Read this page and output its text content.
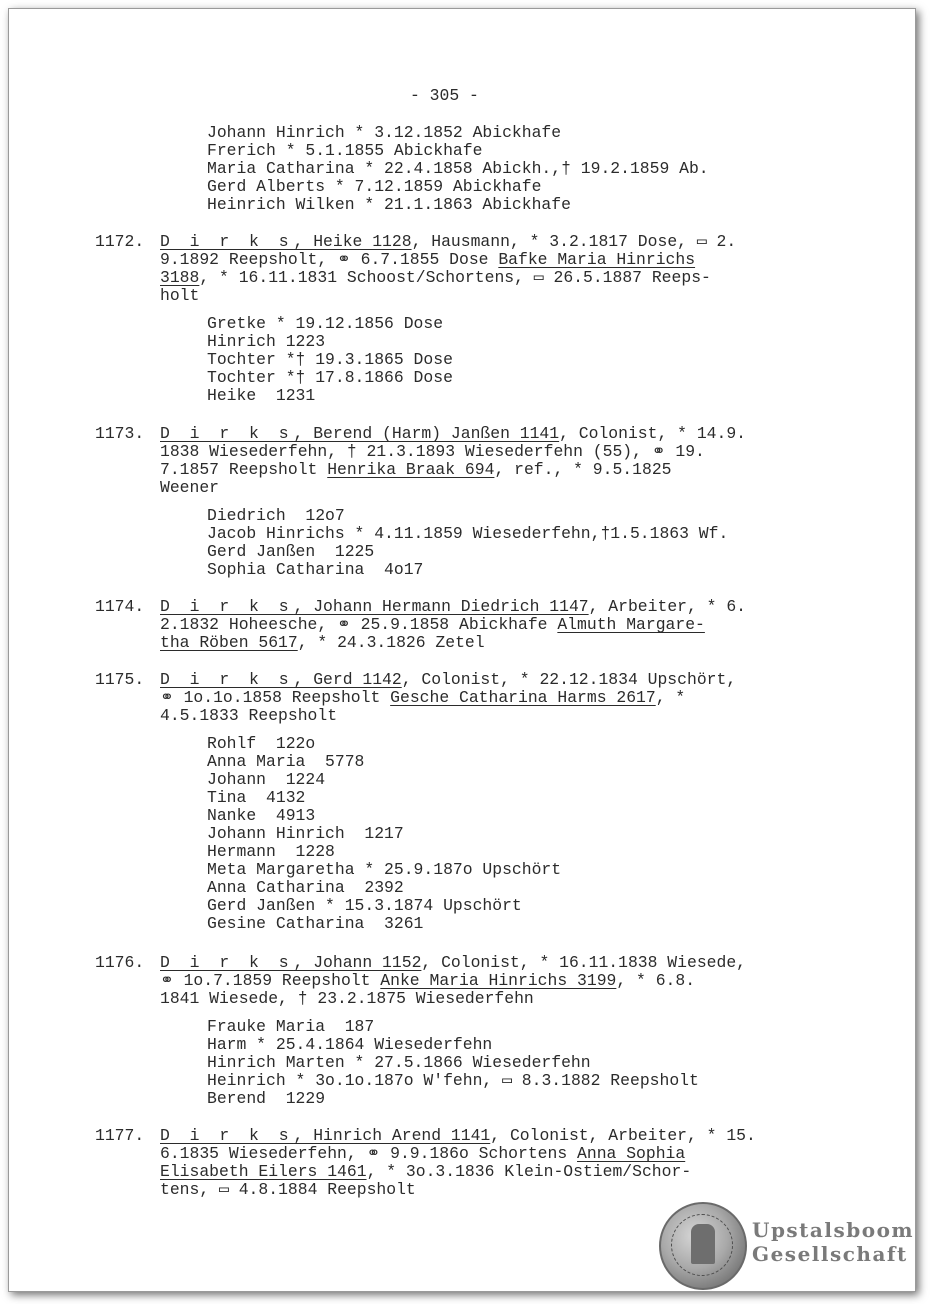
- 305 -
Johann Hinrich * 3.12.1852 Abickhafe
Frerich * 5.1.1855 Abickhafe
Maria Catharina * 22.4.1858 Abickh.,† 19.2.1859 Ab.
Gerd Alberts * 7.12.1859 Abickhafe
Heinrich Wilken * 21.1.1863 Abickhafe
1172. D i r k s, Heike 1128, Hausmann, * 3.2.1817 Dose, ▭ 2.
9.1892 Reepsholt, ⚭ 6.7.1855 Dose Bafke Maria Hinrichs
3188, * 16.11.1831 Schoost/Schortens, ▭ 26.5.1887 Reeps-
holt
Gretke * 19.12.1856 Dose
Hinrich 1223
Tochter *† 19.3.1865 Dose
Tochter *† 17.8.1866 Dose
Heike  1231
1173. D i r k s, Berend (Harm) Janßen 1141, Colonist, * 14.9.
1838 Wiesederfehn, † 21.3.1893 Wiesederfehn (55), ⚭ 19.
7.1857 Reepsholt Henrika Braak 694, ref., * 9.5.1825
Weener
Diedrich  12o7
Jacob Hinrichs * 4.11.1859 Wiesederfehn,†1.5.1863 Wf.
Gerd Janßen  1225
Sophia Catharina  4o17
1174. D i r k s, Johann Hermann Diedrich 1147, Arbeiter, * 6.
2.1832 Hoheesche, ⚭ 25.9.1858 Abickhafe Almuth Margare-
tha Röben 5617, * 24.3.1826 Zetel
1175. D i r k s, Gerd 1142, Colonist, * 22.12.1834 Upschört,
⚭ 1o.1o.1858 Reepsholt Gesche Catharina Harms 2617, *
4.5.1833 Reepsholt
Rohlf  122o
Anna Maria  5778
Johann  1224
Tina  4132
Nanke  4913
Johann Hinrich  1217
Hermann  1228
Meta Margaretha * 25.9.187o Upschört
Anna Catharina  2392
Gerd Janßen * 15.3.1874 Upschört
Gesine Catharina  3261
1176. D i r k s, Johann 1152, Colonist, * 16.11.1838 Wiesede,
⚭ 1o.7.1859 Reepsholt Anke Maria Hinrichs 3199, * 6.8.
1841 Wiesede, † 23.2.1875 Wiesederfehn
Frauke Maria  187
Harm * 25.4.1864 Wiesederfehn
Hinrich Marten * 27.5.1866 Wiesederfehn
Heinrich * 3o.1o.187o W'fehn, ▭ 8.3.1882 Reepsholt
Berend  1229
1177. D i r k s, Hinrich Arend 1141, Colonist, Arbeiter, * 15.
6.1835 Wiesederfehn, ⚭ 9.9.186o Schortens Anna Sophia
Elisabeth Eilers 1461, * 3o.3.1836 Klein-Ostiem/Schor-
tens, ▭ 4.8.1884 Reepsholt
Upstalsboom
Gesellschaft
